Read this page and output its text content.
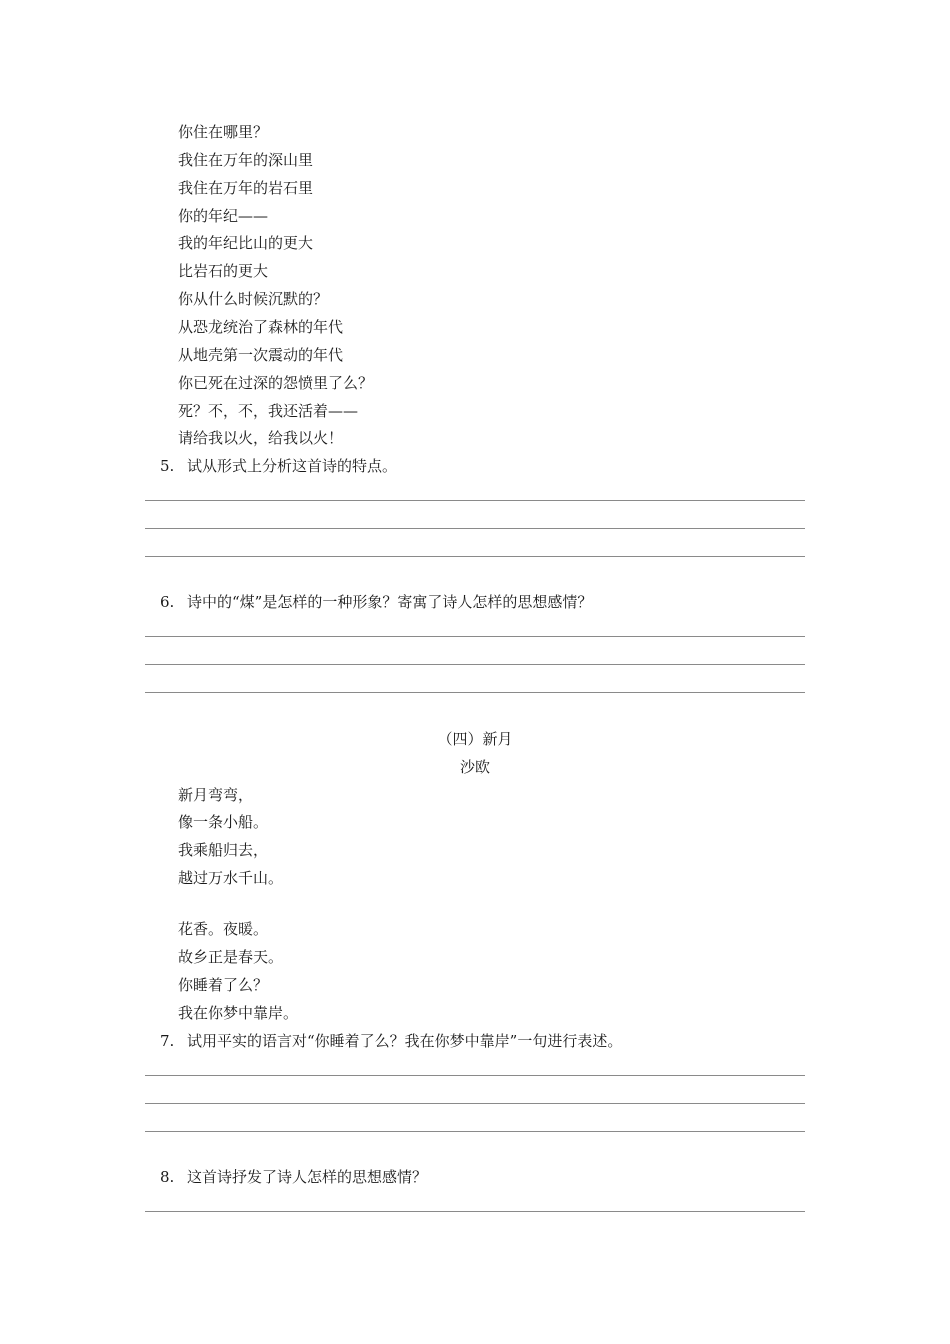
你住在哪里？
我住在万年的深山里
我住在万年的岩石里
你的年纪——
我的年纪比山的更大
比岩石的更大
你从什么时候沉默的？
从恐龙统治了森林的年代
从地壳第一次震动的年代
你已死在过深的怨愤里了么？
死？不，不，我还活着——
请给我以火，给我以火！
5. 试从形式上分析这首诗的特点。
6. 诗中的“煤”是怎样的一种形象？寄寓了诗人怎样的思想感情？
（四）新月
沙欧
新月弯弯，
像一条小船。
我乘船归去，
越过万水千山。
花香。夜暖。
故乡正是春天。
你睡着了么？
我在你梦中靠岸。
7. 试用平实的语言对“你睡着了么？我在你梦中靠岸”一句进行表述。
8. 这首诗抒发了诗人怎样的思想感情？
